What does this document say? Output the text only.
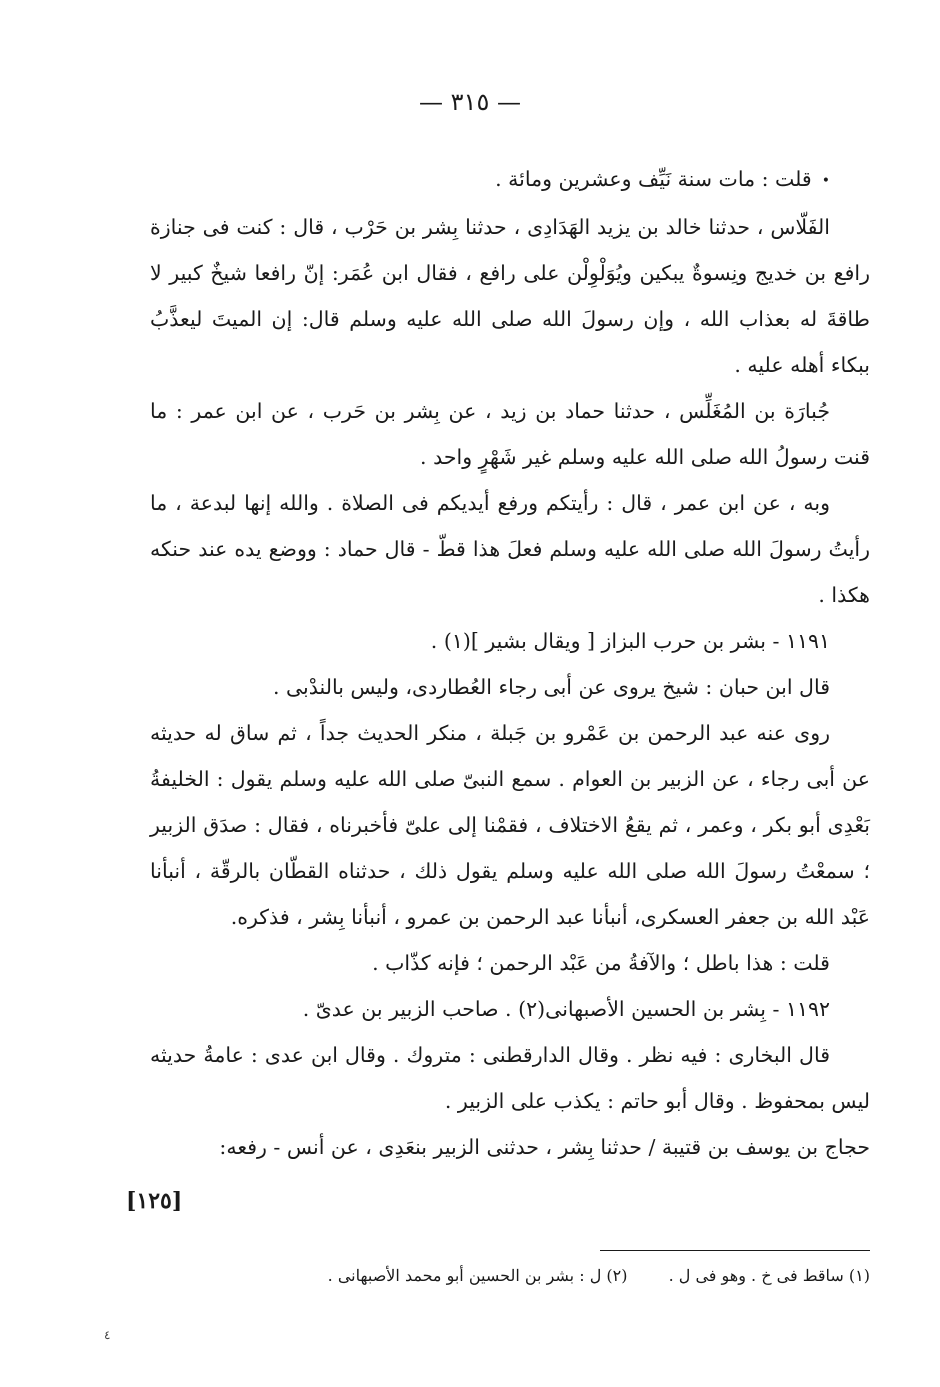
— ٣١٥ —

•قلت : مات سنة نَيِّف وعشرين ومائة .

الفَلّاس ، حدثنا خالد بن يزيد الهَدَادِى ، حدثنا بِشر بن حَرْب ، قال : كنت فى جنازة رافع بن خديج ونِسوةٌ يبكين ويُوَلْوِلْن على رافع ، فقال ابن عُمَر: إنّ رافعا شيخٌ كبير لا طاقةَ له بعذاب الله ، وإن رسولَ الله صلى الله عليه وسلم قال: إن الميتَ ليعذَّبُ ببكاء أهله عليه .

جُبارَة بن المُغَلِّس ، حدثنا حماد بن زيد ، عن بِشر بن حَرب ، عن ابن عمر : ما قنت رسولُ الله صلى الله عليه وسلم غير شَهْرٍ واحد .

وبه ، عن ابن عمر ، قال : رأيتكم ورفع أيديكم فى الصلاة . والله إنها لبدعة ، ما رأيتُ رسولَ الله صلى الله عليه وسلم فعلَ هذا قطّ - قال حماد : ووضع يده عند حنكه هكذا .

١١٩١ - بشر بن حرب البزاز [ ويقال بشير ](١) .

قال ابن حبان : شيخ يروى عن أبى رجاء العُطاردى، وليس بالندْبى .

روى عنه عبد الرحمن بن عَمْرو بن جَبلة ، منكر الحديث جداً ، ثم ساق له حديثه عن أبى رجاء ، عن الزبير بن العوام . سمع النبىّ صلى الله عليه وسلم يقول : الخليفةُ بَعْدِى أبو بكر ، وعمر ، ثم يقعُ الاختلاف ، فقمْنا إلى علىّ فأخبرناه ، فقال : صدَق الزبير ؛ سمعْتُ رسولَ الله صلى الله عليه وسلم يقول ذلك ، حدثناه القطّان بالرقّة ، أنبأنا عَبْد الله بن جعفر العسكرى، أنبأنا عبد الرحمن بن عمرو ، أنبأنا بِشر ، فذكره.

قلت : هذا باطل ؛ والآفةُ من عَبْد الرحمن ؛ فإنه كذّاب .

١١٩٢ - بِشر بن الحسين الأصبهانى(٢) . صاحب الزبير بن عدىّ .

قال البخارى : فيه نظر . وقال الدارقطنى : متروك . وقال ابن عدى : عامةُ حديثه ليس بمحفوظ . وقال أبو حاتم : يكذب على الزبير .

حجاج بن يوسف بن قتيبة / حدثنا بِشر ، حدثنى الزبير بنعَدِى ، عن أنس - رفعه:

[١٢٥]
(١) ساقط فى خ . وهو فى ل . (٢) ل : بشر بن الحسين أبو محمد الأصبهانى .
٤
